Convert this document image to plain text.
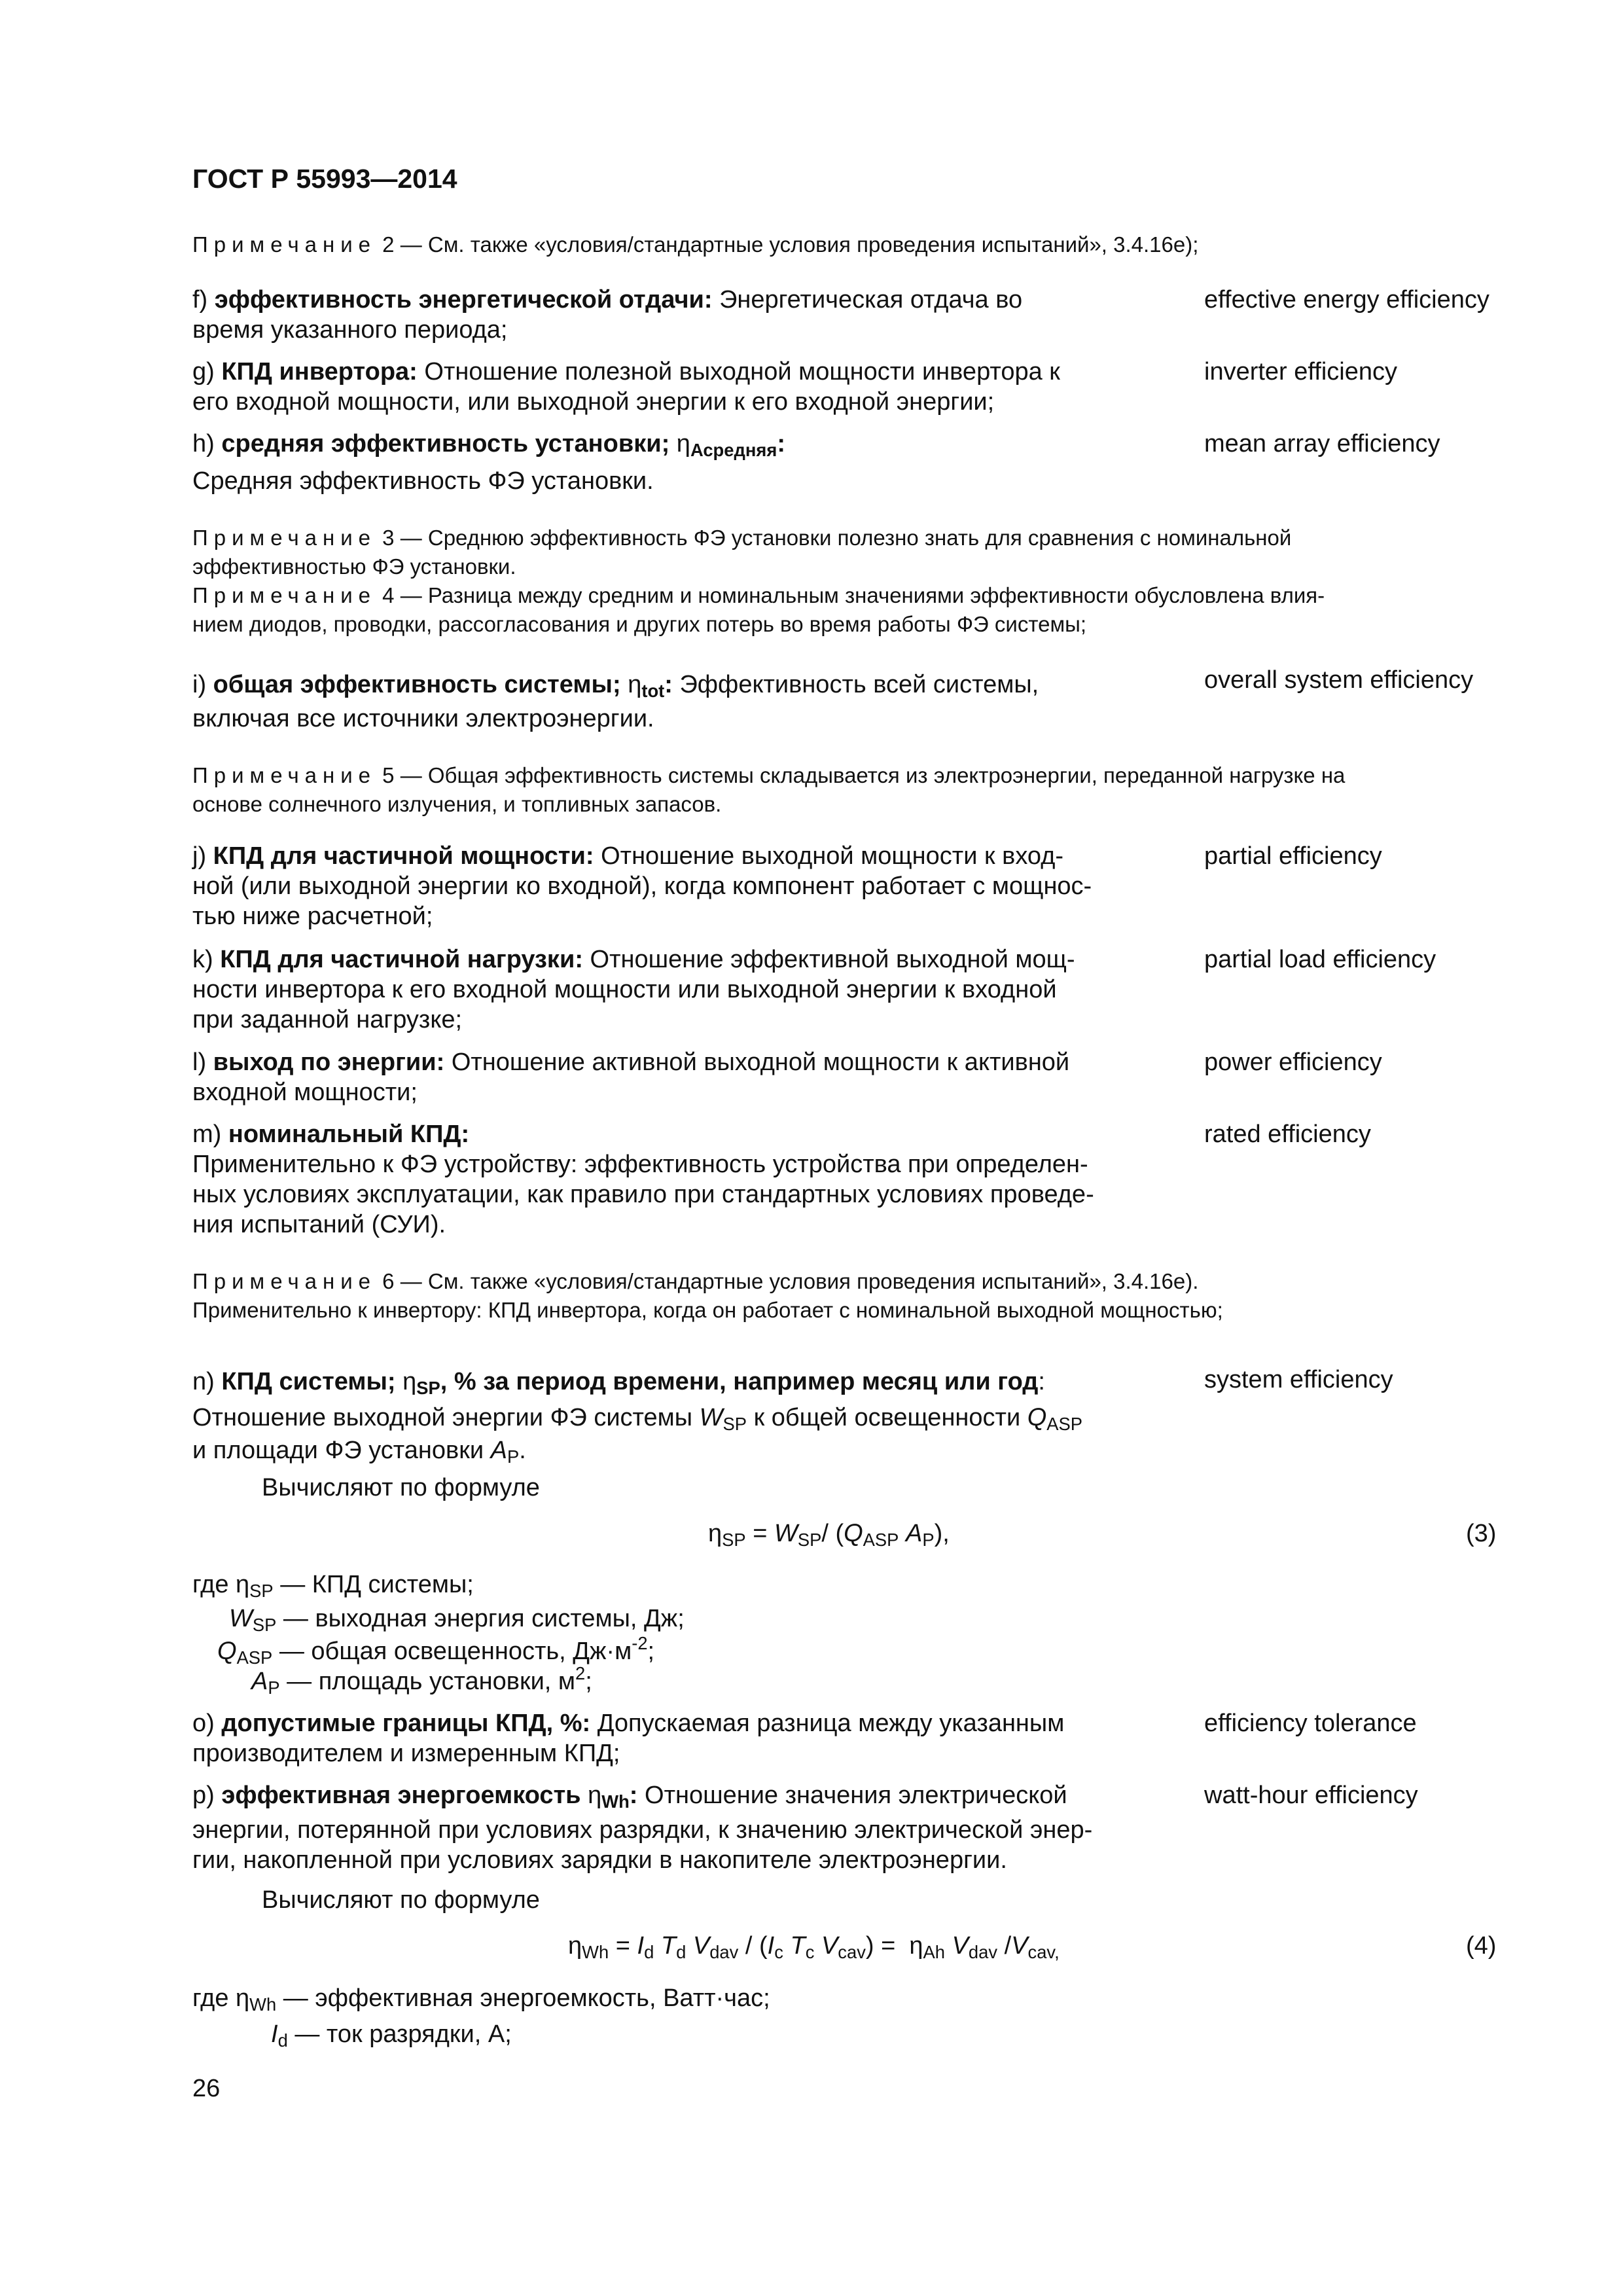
ГОСТ Р 55993—2014
Примечание 2 — См. также «условия/стандартные условия проведения испытаний», 3.4.16е);
f) эффективность энергетической отдачи: Энергетическая отдача во
время указанного периода;
effective energy efficiency
g) КПД инвертора: Отношение полезной выходной мощности инвертора к
его входной мощности, или выходной энергии к его входной энергии;
inverter efficiency
h) средняя эффективность установки; $\eta_{Асредняя}$:
Средняя эффективность ФЭ установки.
mean array efficiency
Примечание 3 — Среднюю эффективность ФЭ установки полезно знать для сравнения с номинальной
эффективностью ФЭ установки.
Примечание 4 — Разница между средним и номинальным значениями эффективности обусловлена влия-
нием диодов, проводки, рассогласования и других потерь во время работы ФЭ системы;
i) общая эффективность системы; $\eta_{tot}$: Эффективность всей системы,
включая все источники электроэнергии.
overall system efficiency
Примечание 5 — Общая эффективность системы складывается из электроэнергии, переданной нагрузке на
основе солнечного излучения, и топливных запасов.
j) КПД для частичной мощности: Отношение выходной мощности к вход-
ной (или выходной энергии ко входной), когда компонент работает с мощнос-
тью ниже расчетной;
partial efficiency
k) КПД для частичной нагрузки: Отношение эффективной выходной мощ-
ности инвертора к его входной мощности или выходной энергии к входной
при заданной нагрузке;
partial load efficiency
l) выход по энергии: Отношение активной выходной мощности к активной
входной мощности;
power efficiency
m) номинальный КПД:
Применительно к ФЭ устройству: эффективность устройства при определен-
ных условиях эксплуатации, как правило при стандартных условиях проведе-
ния испытаний (СУИ).
rated efficiency
Примечание 6 — См. также «условия/стандартные условия проведения испытаний», 3.4.16е).
Применительно к инвертору: КПД инвертора, когда он работает с номинальной выходной мощностью;
n) КПД системы; $\eta_{SP}$, % за период времени, например месяц или год:
Отношение выходной энергии ФЭ системы $W_{SP}$ к общей освещенности $Q_{ASP}$
и площади ФЭ установки $A_P$.
system efficiency
Вычисляют по формуле
$\eta_{SP} = W_{SP}/$ ($Q_{ASP}$ $A_P$),	(3)
где $\eta_{SP}$ — КПД системы;
$W_{SP}$ — выходная энергия системы, Дж;
$Q_{ASP}$ — общая освещенность, $Дж\cdot м^{-2}$;
$A_P$ — площадь установки, $м^2$;
o) допустимые границы КПД, %: Допускаемая разница между указанным
производителем и измеренным КПД;
efficiency tolerance
p) эффективная энергоемкость $\eta_{Wh}$: Отношение значения электрической
энергии, потерянной при условиях разрядки, к значению электрической энер-
гии, накопленной при условиях зарядки в накопителе электроэнергии.
watt-hour efficiency
Вычисляют по формуле
$\eta_{Wh} = I_d$ $T_d$ $V_{dav} / (I_c$ $T_c$ $V_{cav}) = \eta_{Ah}$ $V_{dav}$ $/V_{cav,}$	(4)
где $\eta_{Wh}$ — эффективная энергоемкость, Ватт·час;
$I_d$ — ток разрядки, А;
26
